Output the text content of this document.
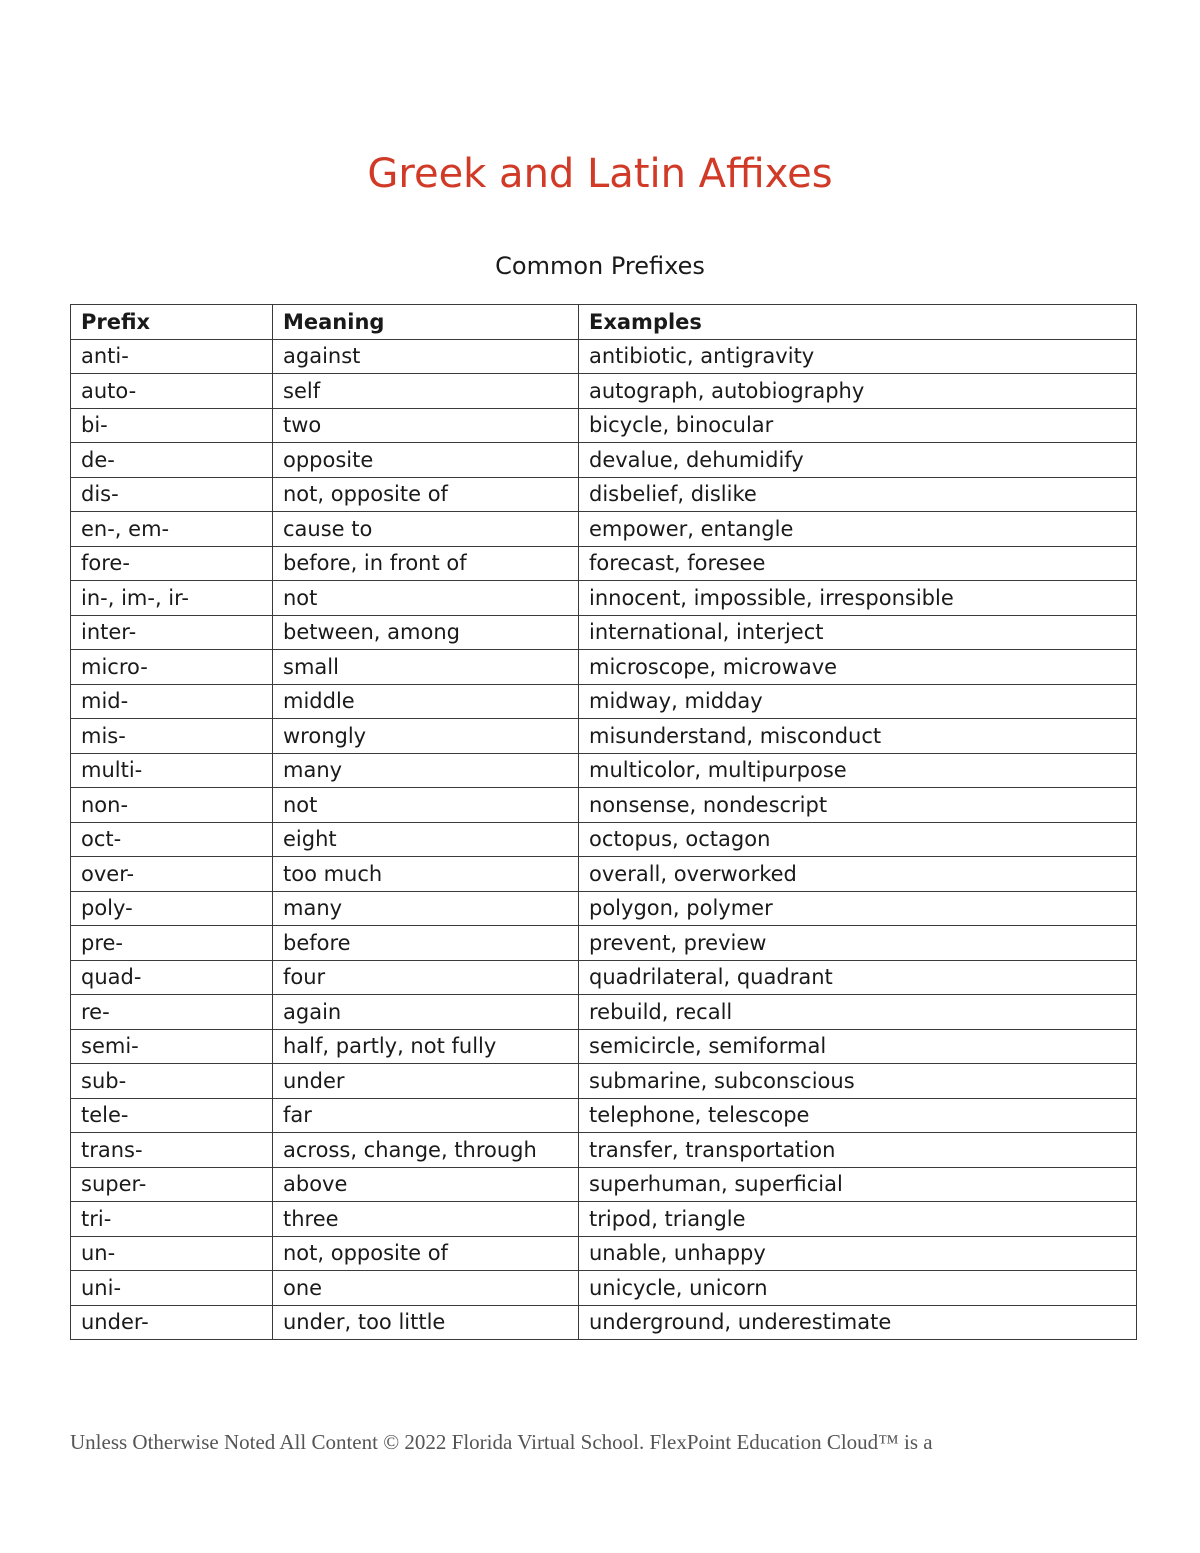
Greek and Latin Affixes
Common Prefixes
Prefix	Meaning	Examples
anti-	against	antibiotic, antigravity
auto-	self	autograph, autobiography
bi-	two	bicycle, binocular
de-	opposite	devalue, dehumidify
dis-	not, opposite of	disbelief, dislike
en-, em-	cause to	empower, entangle
fore-	before, in front of	forecast, foresee
in-, im-, ir-	not	innocent, impossible, irresponsible
inter-	between, among	international, interject
micro-	small	microscope, microwave
mid-	middle	midway, midday
mis-	wrongly	misunderstand, misconduct
multi-	many	multicolor, multipurpose
non-	not	nonsense, nondescript
oct-	eight	octopus, octagon
over-	too much	overall, overworked
poly-	many	polygon, polymer
pre-	before	prevent, preview
quad-	four	quadrilateral, quadrant
re-	again	rebuild, recall
semi-	half, partly, not fully	semicircle, semiformal
sub-	under	submarine, subconscious
tele-	far	telephone, telescope
trans-	across, change, through	transfer, transportation
super-	above	superhuman, superficial
tri-	three	tripod, triangle
un-	not, opposite of	unable, unhappy
uni-	one	unicycle, unicorn
under-	under, too little	underground, underestimate

Unless Otherwise Noted All Content © 2022 Florida Virtual School. FlexPoint Education Cloud™ is a
